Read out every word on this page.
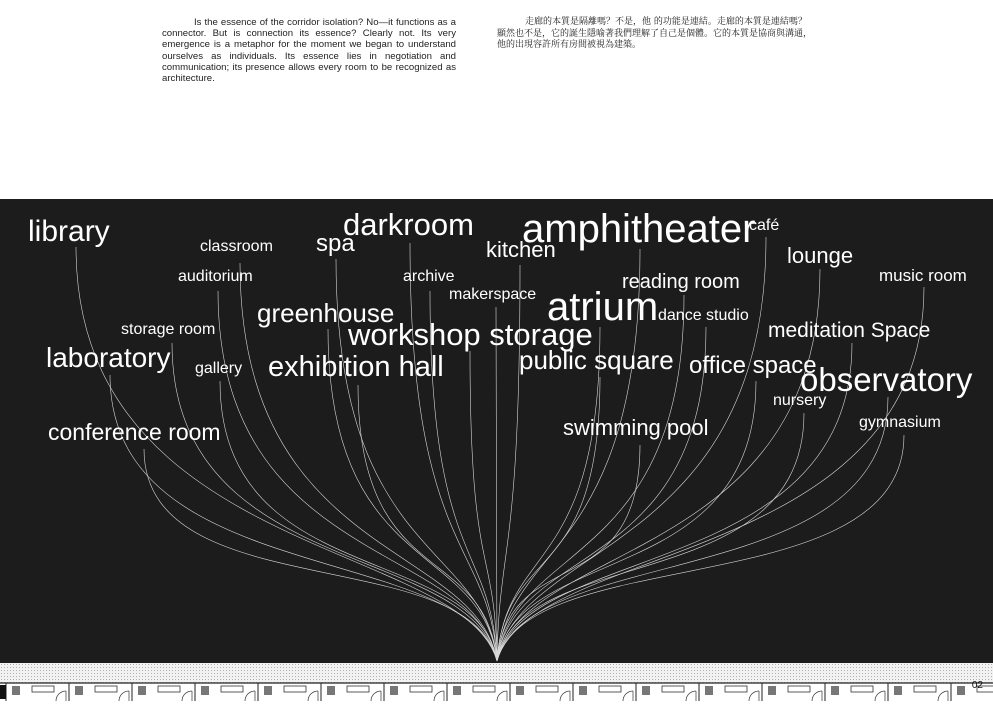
Is the essence of the corridor isolation? No—it functions as a connector. But is connection its essence? Clearly not. Its very emergence is a metaphor for the moment we began to understand ourselves as individuals. Its essence lies in negotiation and communication; its presence allows every room to be recognized as architecture.
走廊的本質是隔離嗎？不是，他 的功能是連結。走廊的本質是連結嗎？顯然也不是，它的誕生隱喻著我們理解了自己是個體。它的本質是協商與溝通，他的出現容許所有房間被視為建築。
library	classroom spa
darkroom
kitchen
amphitheater
café
lounge
auditorium	archive	reading room	music room
makerspace
greenhouse	atrium dance studio
storage room	workshop storage	meditation Space
laboratory gallery exhibition hall	public square office space
observatory
nursery
conference room	swimming pool	gymnasium
02
